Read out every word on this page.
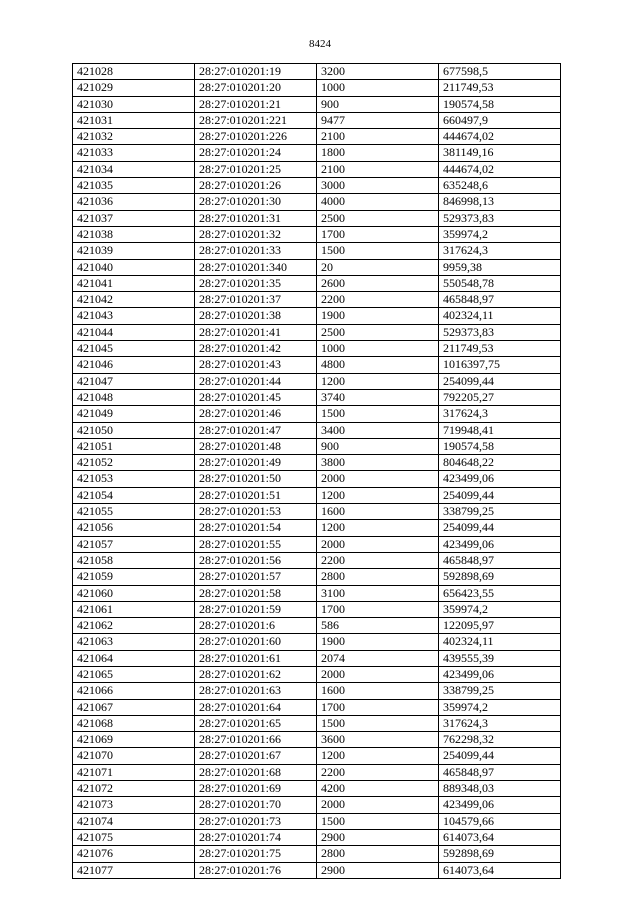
8424
421028	28:27:010201:19	3200	677598,5
421029	28:27:010201:20	1000	211749,53
421030	28:27:010201:21	900	190574,58
421031	28:27:010201:221	9477	660497,9
421032	28:27:010201:226	2100	444674,02
421033	28:27:010201:24	1800	381149,16
421034	28:27:010201:25	2100	444674,02
421035	28:27:010201:26	3000	635248,6
421036	28:27:010201:30	4000	846998,13
421037	28:27:010201:31	2500	529373,83
421038	28:27:010201:32	1700	359974,2
421039	28:27:010201:33	1500	317624,3
421040	28:27:010201:340	20	9959,38
421041	28:27:010201:35	2600	550548,78
421042	28:27:010201:37	2200	465848,97
421043	28:27:010201:38	1900	402324,11
421044	28:27:010201:41	2500	529373,83
421045	28:27:010201:42	1000	211749,53
421046	28:27:010201:43	4800	1016397,75
421047	28:27:010201:44	1200	254099,44
421048	28:27:010201:45	3740	792205,27
421049	28:27:010201:46	1500	317624,3
421050	28:27:010201:47	3400	719948,41
421051	28:27:010201:48	900	190574,58
421052	28:27:010201:49	3800	804648,22
421053	28:27:010201:50	2000	423499,06
421054	28:27:010201:51	1200	254099,44
421055	28:27:010201:53	1600	338799,25
421056	28:27:010201:54	1200	254099,44
421057	28:27:010201:55	2000	423499,06
421058	28:27:010201:56	2200	465848,97
421059	28:27:010201:57	2800	592898,69
421060	28:27:010201:58	3100	656423,55
421061	28:27:010201:59	1700	359974,2
421062	28:27:010201:6	586	122095,97
421063	28:27:010201:60	1900	402324,11
421064	28:27:010201:61	2074	439555,39
421065	28:27:010201:62	2000	423499,06
421066	28:27:010201:63	1600	338799,25
421067	28:27:010201:64	1700	359974,2
421068	28:27:010201:65	1500	317624,3
421069	28:27:010201:66	3600	762298,32
421070	28:27:010201:67	1200	254099,44
421071	28:27:010201:68	2200	465848,97
421072	28:27:010201:69	4200	889348,03
421073	28:27:010201:70	2000	423499,06
421074	28:27:010201:73	1500	104579,66
421075	28:27:010201:74	2900	614073,64
421076	28:27:010201:75	2800	592898,69
421077	28:27:010201:76	2900	614073,64
